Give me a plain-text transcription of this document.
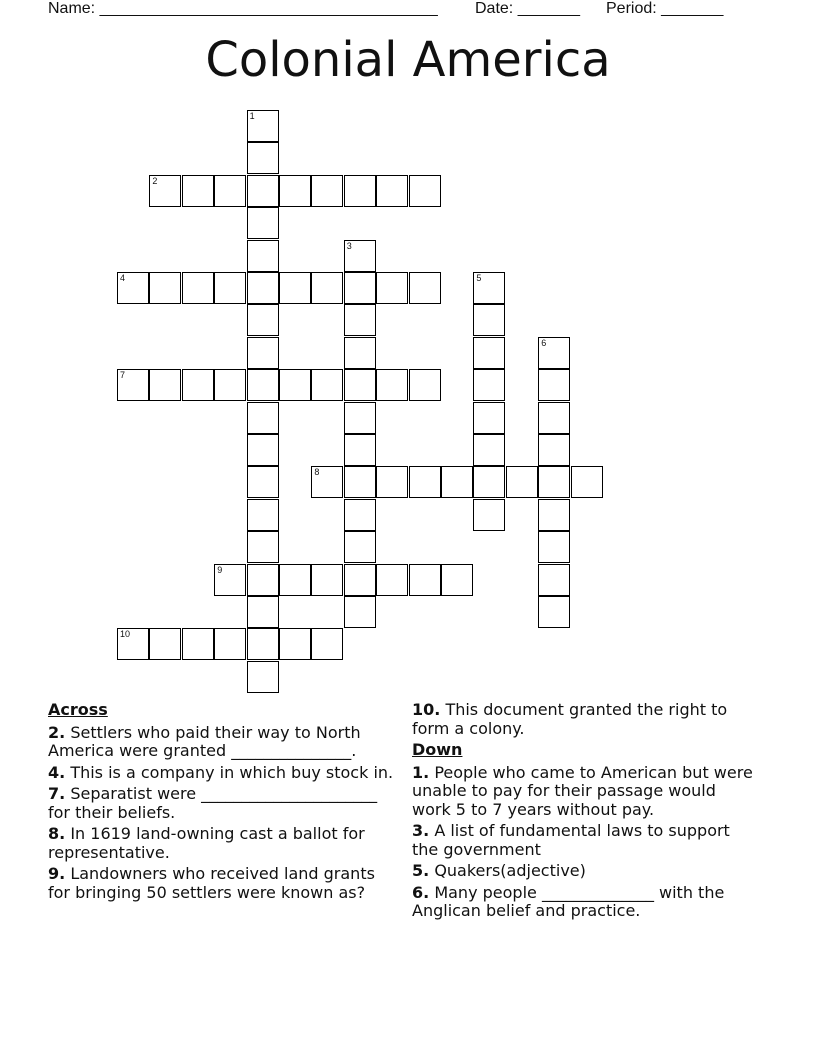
Name: ______________________________________ Date: _______ Period: _______
Colonial America
1
2
3
4	5
6
7
8
9
10
Across
2. Settlers who paid their way to North America were granted _______________.
4. This is a company in which buy stock in.
7. Separatist were ______________________ for their beliefs.
8. In 1619 land-owning cast a ballot for representative.
9. Landowners who received land grants for bringing 50 settlers were known as?
10. This document granted the right to form a colony.
Down
1. People who came to American but were unable to pay for their passage would work 5 to 7 years without pay.
3. A list of fundamental laws to support the government
5. Quakers(adjective)
6. Many people ______________ with the Anglican belief and practice.
